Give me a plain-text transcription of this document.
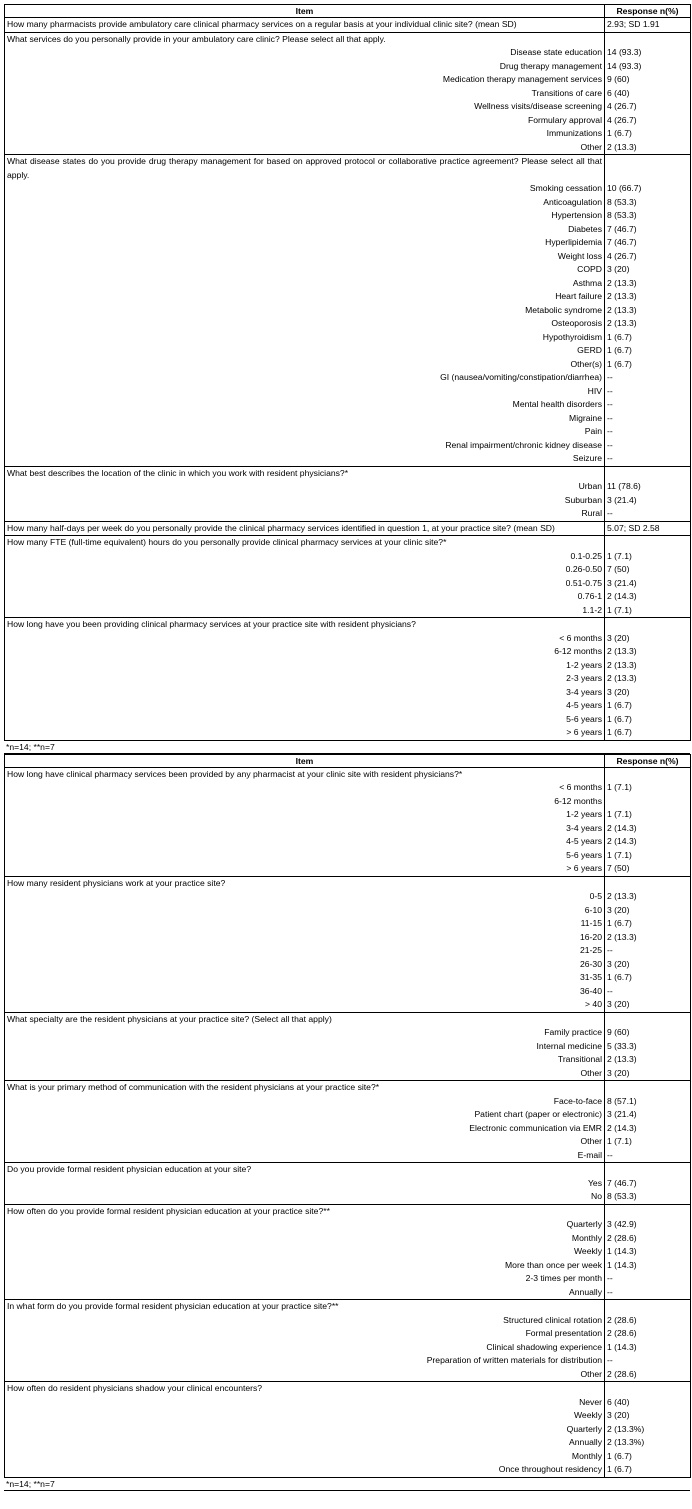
Item	Response n(%)
How many pharmacists provide ambulatory care clinical pharmacy services on a regular basis at your individual clinic site? (mean SD)	2.93; SD 1.91
What services do you personally provide in your ambulatory care clinic? Please select all that apply.	
Disease state education	14 (93.3)
Drug therapy management	14 (93.3)
Medication therapy management services	9 (60)
Transitions of care	6 (40)
Wellness visits/disease screening	4 (26.7)
Formulary approval	4 (26.7)
Immunizations	1 (6.7)
Other	2 (13.3)
What disease states do you provide drug therapy management for based on approved protocol or collaborative practice agreement? Please select all that apply.	
Smoking cessation	10 (66.7)
Anticoagulation	8 (53.3)
Hypertension	8 (53.3)
Diabetes	7 (46.7)
Hyperlipidemia	7 (46.7)
Weight loss	4 (26.7)
COPD	3 (20)
Asthma	2 (13.3)
Heart failure	2 (13.3)
Metabolic syndrome	2 (13.3)
Osteoporosis	2 (13.3)
Hypothyroidism	1 (6.7)
GERD	1 (6.7)
Other(s)	1 (6.7)
GI (nausea/vomiting/constipation/diarrhea)	--
HIV	--
Mental health disorders	--
Migraine	--
Pain	--
Renal impairment/chronic kidney disease	--
Seizure	--
What best describes the location of the clinic in which you work with resident physicians?*	
Urban	11 (78.6)
Suburban	3 (21.4)
Rural	--
How many half-days per week do you personally provide the clinical pharmacy services identified in question 1, at your practice site? (mean SD)	5.07; SD 2.58
How many FTE (full-time equivalent) hours do you personally provide clinical pharmacy services at your clinic site?*	
0.1-0.25	1 (7.1)
0.26-0.50	7 (50)
0.51-0.75	3 (21.4)
0.76-1	2 (14.3)
1.1-2	1 (7.1)
How long have you been providing clinical pharmacy services at your practice site with resident physicians?	
< 6 months	3 (20)
6-12 months	2 (13.3)
1-2 years	2 (13.3)
2-3 years	2 (13.3)
3-4 years	3 (20)
4-5 years	1 (6.7)
5-6 years	1 (6.7)
> 6 years	1 (6.7)
*n=14; **n=7
Item	Response n(%)
How long have clinical pharmacy services been provided by any pharmacist at your clinic site with resident physicians?*	
< 6 months	1 (7.1)
6-12 months	
1-2 years	1 (7.1)
3-4 years	2 (14.3)
4-5 years	2 (14.3)
5-6 years	1 (7.1)
> 6 years	7 (50)
How many resident physicians work at your practice site?	
0-5	2 (13.3)
6-10	3 (20)
11-15	1 (6.7)
16-20	2 (13.3)
21-25	--
26-30	3 (20)
31-35	1 (6.7)
36-40	--
> 40	3 (20)
What specialty are the resident physicians at your practice site? (Select all that apply)	
Family practice	9 (60)
Internal medicine	5 (33.3)
Transitional	2 (13.3)
Other	3 (20)
What is your primary method of communication with the resident physicians at your practice site?*	
Face-to-face	8 (57.1)
Patient chart (paper or electronic)	3 (21.4)
Electronic communication via EMR	2 (14.3)
Other	1 (7.1)
E-mail	--
Do you provide formal resident physician education at your site?	
Yes	7 (46.7)
No	8 (53.3)
How often do you provide formal resident physician education at your practice site?**	
Quarterly	3 (42.9)
Monthly	2 (28.6)
Weekly	1 (14.3)
More than once per week	1 (14.3)
2-3 times per month	--
Annually	--
In what form do you provide formal resident physician education at your practice site?**	
Structured clinical rotation	2 (28.6)
Formal presentation	2 (28.6)
Clinical shadowing experience	1 (14.3)
Preparation of written materials for distribution	--
Other	2 (28.6)
How often do resident physicians shadow your clinical encounters?	
Never	6 (40)
Weekly	3 (20)
Quarterly	2 (13.3%)
Annually	2 (13.3%)
Monthly	1 (6.7)
Once throughout residency	1 (6.7)
*n=14; **n=7
